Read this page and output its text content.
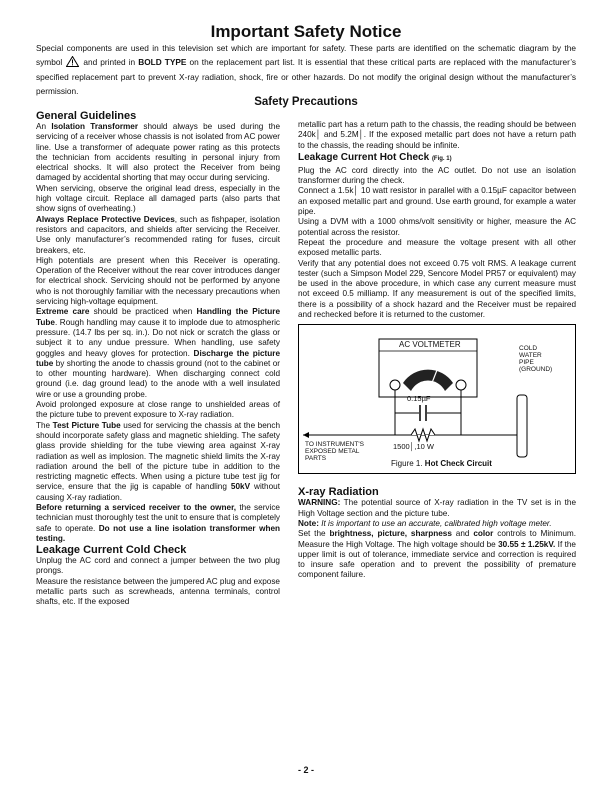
Important Safety Notice
Special components are used in this television set which are important for safety. These parts are identified on the schematic diagram by the symbol	and printed in BOLD TYPE on the replacement part list. It is essential that these critical parts are replaced with the manufacturer’s specified replacement part to prevent X-ray radiation, shock, fire or other hazards. Do not modify the original design without the manufacturer’s permission.
Safety Precautions
General Guidelines

An Isolation Transformer should always be used during the servicing of a receiver whose chassis is not isolated from AC power line. Use a transformer of adequate power rating as this protects the technician from accidents resulting in personal injury from electrical shocks. It will also protect the Receiver from being damaged by accidental shorting that may occur during servicing.

When servicing, observe the original lead dress, especially in the high voltage circuit. Replace all damaged parts (also parts that show signs of overheating.)

Always Replace Protective Devices, such as fishpaper, isolation resistors and capacitors, and shields after servicing the Receiver. Use only manufacturer’s recommended rating for fuses, circuit breakers, etc.

High potentials are present when this Receiver is operating. Operation of the Receiver without the rear cover introduces danger for electrical shock. Servicing should not be performed by anyone who is not thoroughly familiar with the necessary precautions when servicing high-voltage equipment.

Extreme care should be practiced when Handling the Picture Tube. Rough handling may cause it to implode due to atmospheric pressure. (14.7 lbs per sq. in.). Do not nick or scratch the glass or subject it to any undue pressure. When handling, use safety goggles and heavy gloves for protection. Discharge the picture tube by shorting the anode to chassis ground (not to the cabinet or to other mounting hardware). When discharging connect cold ground (i.e. dag ground lead) to the anode with a well insulated wire or use a grounding probe.

Avoid prolonged exposure at close range to unshielded areas of the picture tube to prevent exposure to X-ray radiation.

The Test Picture Tube used for servicing the chassis at the bench should incorporate safety glass and magnetic shielding. The safety glass provide shielding for the tube viewing area against X-ray radiation as well as implosion. The magnetic shield limits the X-ray radiation around the bell of the picture tube in addition to the restricting magnetic effects. When using a picture tube test jig for service, ensure that the jig is capable of handling 50kV without causing X-ray radiation.

Before returning a serviced receiver to the owner, the service technician must thoroughly test the unit to ensure that is completely safe to operate. Do not use a line isolation transformer when testing.

Leakage Current Cold Check

Unplug the AC cord and connect a jumper between the two plug prongs.

Measure the resistance between the jumpered AC plug and expose metallic parts such as screwheads, antenna terminals, control shafts, etc. If the exposed

metallic part has a return path to the chassis, the reading should be between 240k│ and 5.2M│. If the exposed metallic part does not have a return path to the chassis, the reading should be infinite.

Leakage Current Hot Check (Fig. 1)

Plug the AC cord directly into the AC outlet. Do not use an isolation transformer during the check.

Connect a 1.5k│ 10 watt resistor in parallel with a 0.15µF capacitor between an exposed metallic part and ground. Use earth ground, for example a water pipe.

Using a DVM with a 1000 ohms/volt sensitivity or higher, measure the AC potential across the resistor.

Repeat the procedure and measure the voltage present with all other exposed metallic parts.

Verify that any potential does not exceed 0.75 volt RMS. A leakage current tester (such a Simpson Model 229, Sencore Model PR57 or equivalent) may be used in the above procedure, in which case any current measure must not exceed 0.5 milliamp. If any measurement is out of the specified limits, there is a possibility of a shock hazard and the Receiver must be repaired and rechecked before it is returned to the customer.

AC VOLTMETER	COLD
WATER
PIPE
(GROUND)
0.15µF
TO INSTRUMENT'S
EXPOSED METAL
PARTS
1500│,10 W
Figure 1. Hot Check Circuit
X-ray Radiation

WARNING: The potential source of X-ray radiation in the TV set is in the High Voltage section and the picture tube.

Note: It is important to use an accurate, calibrated high voltage meter.

Set the brightness, picture, sharpness and color controls to Minimum. Measure the High Voltage. The high voltage should be 30.55 ± 1.25kV. If the upper limit is out of tolerance, immediate service and correction is required to insure safe operation and to prevent the possibility of premature component failure.

- 2 -
